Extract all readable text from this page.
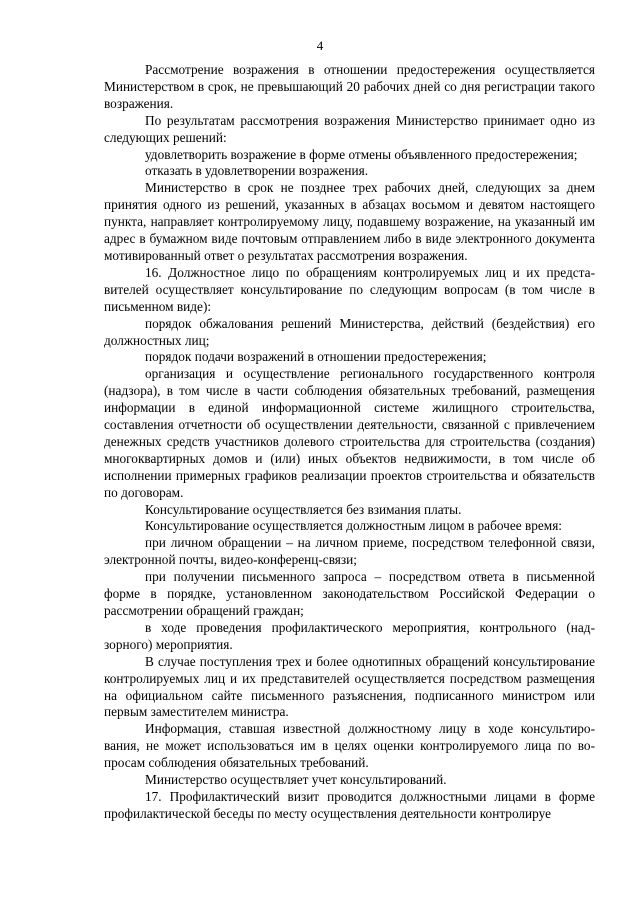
4

Рассмотрение возражения в отношении предостережения осуществляется Министерством в срок, не превышающий 20 рабочих дней со дня регистрации такого возражения.

По результатам рассмотрения возражения Министерство принимает одно из следующих решений:

удовлетворить возражение в форме отмены объявленного предостережения;

отказать в удовлетворении возражения.

Министерство в срок не позднее трех рабочих дней, следующих за днем принятия одного из решений, указанных в абзацах восьмом и девятом настоящего пункта, направляет контролируемому лицу, подавшему возражение, на указанный им адрес в бумажном виде почтовым отправлением либо в виде электронного документа мотивированный ответ о результатах рассмотрения возражения.

16. Должностное лицо по обращениям контролируемых лиц и их представителей осуществляет консультирование по следующим вопросам (в том числе в письменном виде):

порядок обжалования решений Министерства, действий (бездействия) его должностных лиц;

порядок подачи возражений в отношении предостережения;

организация и осуществление регионального государственного контроля (надзора), в том числе в части соблюдения обязательных требований, размещения информации в единой информационной системе жилищного строительства, составления отчетности об осуществлении деятельности, связанной с привлечением денежных средств участников долевого строительства для строительства (создания) многоквартирных домов и (или) иных объектов недвижимости, в том числе об исполнении примерных графиков реализации проектов строительства и обязательств по договорам.

Консультирование осуществляется без взимания платы.

Консультирование осуществляется должностным лицом в рабочее время:

при личном обращении – на личном приеме, посредством телефонной связи, электронной почты, видео-конференц-связи;

при получении письменного запроса – посредством ответа в письменной форме в порядке, установленном законодательством Российской Федерации о рассмотрении обращений граждан;

в ходе проведения профилактического мероприятия, контрольного (надзорного) мероприятия.

В случае поступления трех и более однотипных обращений консультирование контролируемых лиц и их представителей осуществляется посредством размещения на официальном сайте письменного разъяснения, подписанного министром или первым заместителем министра.

Информация, ставшая известной должностному лицу в ходе консультирования, не может использоваться им в целях оценки контролируемого лица по вопросам соблюдения обязательных требований.

Министерство осуществляет учет консультирований.

17. Профилактический визит проводится должностными лицами в форме профилактической беседы по месту осуществления деятельности контролируе
